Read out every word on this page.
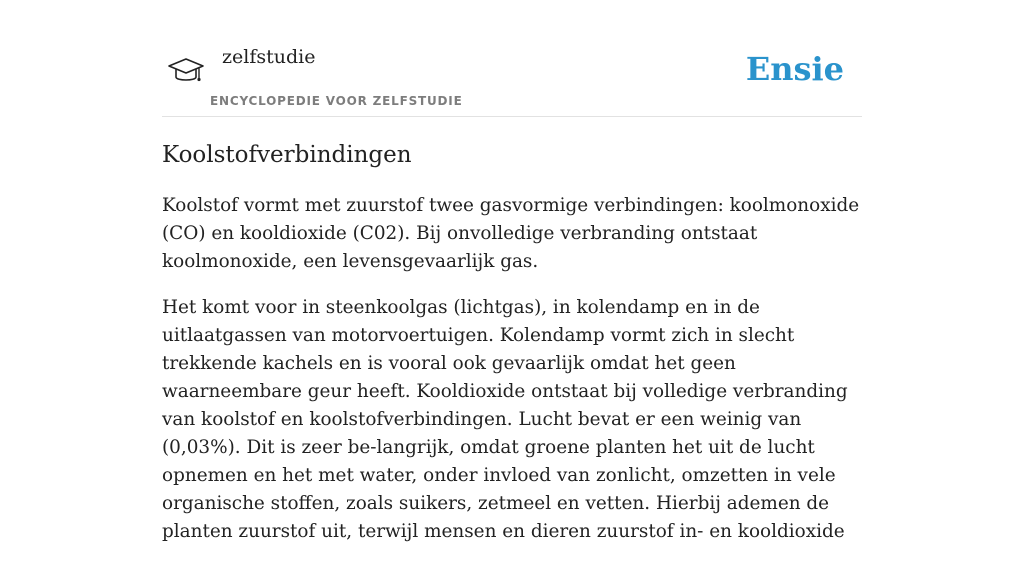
zelfstudie
ENCYCLOPEDIE VOOR ZELFSTUDIE
Ensie
Koolstofverbindingen

Koolstof vormt met zuurstof twee gasvormige verbindingen: koolmonoxide (CO) en kooldioxide (C02). Bij onvolledige verbranding ontstaat koolmonoxide, een levensgevaarlijk gas.

Het komt voor in steenkoolgas (lichtgas), in kolendamp en in de uitlaatgassen van motorvoertuigen. Kolendamp vormt zich in slecht trekkende kachels en is vooral ook gevaarlijk omdat het geen waarneembare geur heeft. Kooldioxide ontstaat bij volledige verbranding van koolstof en koolstofverbindingen. Lucht bevat er een weinig van (0,03%). Dit is zeer be-langrijk, omdat groene planten het uit de lucht opnemen en het met water, onder invloed van zonlicht, omzetten in vele organische stoffen, zoals suikers, zetmeel en vetten. Hierbij ademen de planten zuurstof uit, terwijl mensen en dieren zuurstof in- en kooldioxide
